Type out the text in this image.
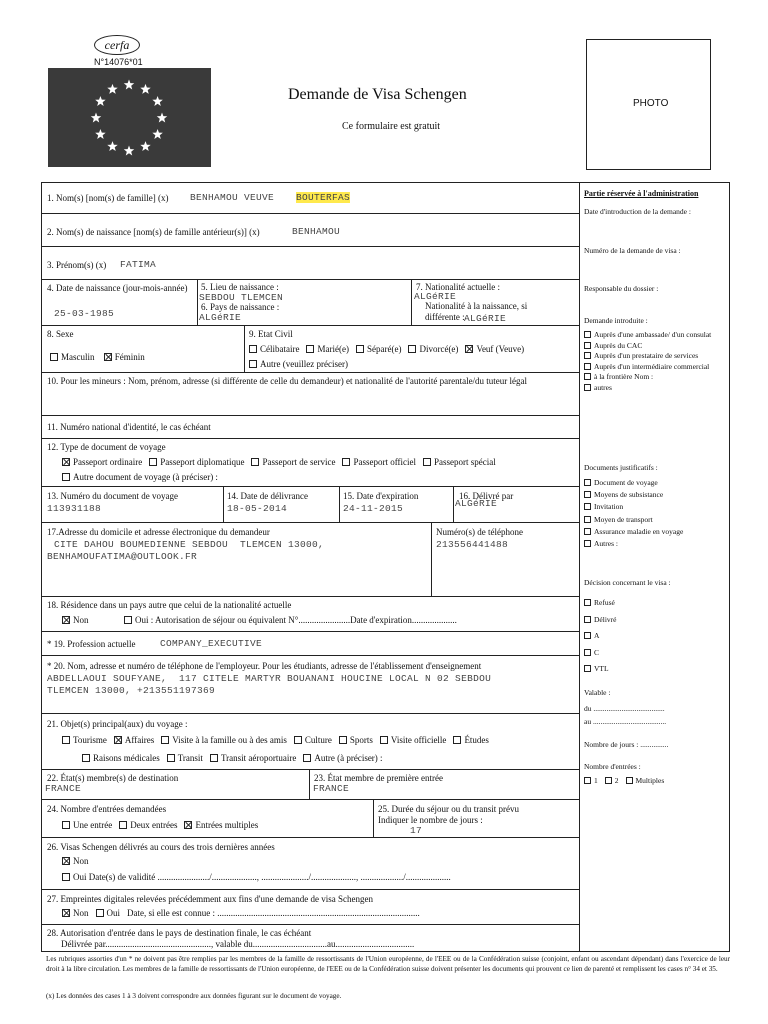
cerfa
N°14076*01
Demande de Visa Schengen
Ce formulaire est gratuit
PHOTO
1. Nom(s) [nom(s) de famille] (x) BENHAMOU VEUVE BOUTERFAS
2. Nom(s) de naissance [nom(s) de famille antérieur(s)] (x)	BENHAMOU
3. Prénom(s) (x) FATIMA
4. Date de naissance (jour-mois-année)
25-03-1985
5. Lieu de naissance :
SEBDOU TLEMCEN
6. Pays de naissance :
ALGéRIE
7. Nationalité actuelle :
ALGéRIE
Nationalité à la naissance, si différente : ALGéRIE
8. Sexe
Masculin Féminin
9. Etat Civil
Célibataire Marié(e) Séparé(e) Divorcé(e) Veuf (Veuve)
Autre (veuillez préciser)
10. Pour les mineurs : Nom, prénom, adresse (si différente de celle du demandeur) et nationalité de l'autorité parentale/du tuteur légal
11. Numéro national d'identité, le cas échéant
12. Type de document de voyage
Passeport ordinaire Passeport diplomatique Passeport de service Passeport officiel Passeport spécial
Autre document de voyage (à préciser) :
13. Numéro du document de voyage
113931188
14. Date de délivrance
18-05-2014
15. Date d'expiration
24-11-2015
16. Délivré par
ALGéRIE
17.Adresse du domicile et adresse électronique du demandeur
CITE DAHOU BOUMEDIENNE SEBDOU  TLEMCEN 13000,
BENHAMOUFATIMA@OUTLOOK.FR
Numéro(s) de téléphone
213556441488
18. Résidence dans un pays autre que celui de la nationalité actuelle
Non	Oui : Autorisation de séjour ou équivalent N°.......................Date d'expiration....................
* 19. Profession actuelle	COMPANY_EXECUTIVE
* 20. Nom, adresse et numéro de téléphone de l'employeur. Pour les étudiants, adresse de l'établissement d'enseignement
ABDELLAOUI SOUFYANE,  117 CITELE MARTYR BOUANANI HOUCINE LOCAL N 02 SEBDOU
TLEMCEN 13000, +213551197369
21. Objet(s) principal(aux) du voyage :
Tourisme Affaires Visite à la famille ou à des amis Culture Sports Visite officielle Études
Raisons médicales Transit Transit aéroportuaire Autre (à préciser) :
22. État(s) membre(s) de destination
FRANCE
23. État membre de première entrée
FRANCE
24. Nombre d'entrées demandées
Une entrée Deux entrées Entrées multiples
25. Durée du séjour ou du transit prévu
Indiquer le nombre de jours :
17
26. Visas Schengen délivrés au cours des trois dernières années
Non
Oui Date(s) de validité ......................./...................., ...................../...................., .................../....................
27. Empreintes digitales relevées précédemment aux fins d'une demande de visa Schengen
Non Oui Date, si elle est connue : ..........................................................................................
28. Autorisation d'entrée dans le pays de destination finale, le cas échéant
Délivrée par..............................................., valable du.................................au...................................
Partie réservée à l'administration
Date d'introduction de la demande :
Numéro de la demande de visa :
Responsable du dossier :
Demande introduite :
Auprès d'une ambassade/ d'un consulat
Auprès du CAC
Auprès d'un prestataire de services
Auprès d'un intermédiaire commercial
à la frontière Nom :
autres
Documents justificatifs :
Document de voyage
Moyens de subsistance
Invitation
Moyen de transport
Assurance maladie en voyage
Autres :
Décision concernant le visa :
Refusé
Délivré
A
C
VTL
Valable :
du ......................................
au .......................................
Nombre de jours : ...............
Nombre d'entrées :
1 2 Multiples
Les rubriques assorties d'un * ne doivent pas être remplies par les membres de la famille de ressortissants de l'Union européenne, de l'EEE ou de la Confédération suisse (conjoint, enfant ou ascendant dépendant) dans l'exercice de leur droit à la libre circulation. Les membres de la famille de ressortissants de l'Union européenne, de l'EEE ou de la Confédération suisse doivent présenter les documents qui prouvent ce lien de parenté et remplissent les cases n° 34 et 35.
(x) Les données des cases 1 à 3 doivent correspondre aux données figurant sur le document de voyage.
